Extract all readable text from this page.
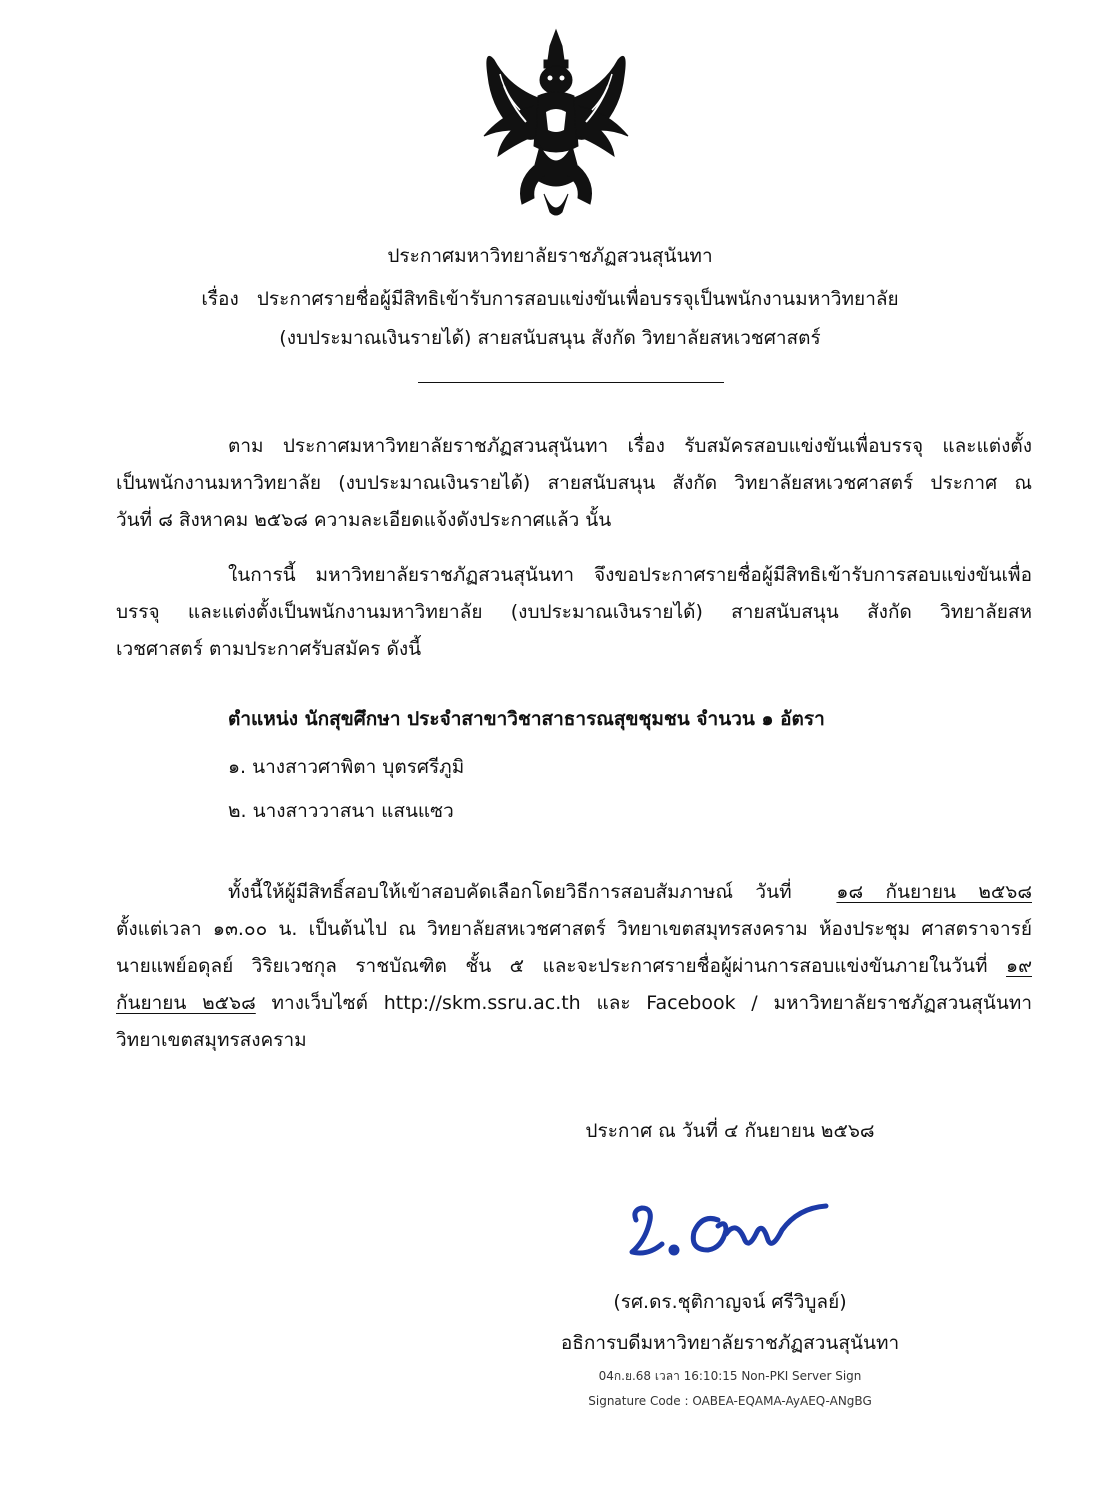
ประกาศมหาวิทยาลัยราชภัฏสวนสุนันทา
เรื่อง ประกาศรายชื่อผู้มีสิทธิเข้ารับการสอบแข่งขันเพื่อบรรจุเป็นพนักงานมหาวิทยาลัย
(งบประมาณเงินรายได้) สายสนับสนุน สังกัด วิทยาลัยสหเวชศาสตร์
ตาม ประกาศมหาวิทยาลัยราชภัฏสวนสุนันทา เรื่อง รับสมัครสอบแข่งขันเพื่อบรรจุ และแต่งตั้ง
เป็นพนักงานมหาวิทยาลัย (งบประมาณเงินรายได้) สายสนับสนุน สังกัด วิทยาลัยสหเวชศาสตร์ ประกาศ ณ
วันที่ ๘ สิงหาคม ๒๕๖๘ ความละเอียดแจ้งดังประกาศแล้ว นั้น
ในการนี้ มหาวิทยาลัยราชภัฏสวนสุนันทา จึงขอประกาศรายชื่อผู้มีสิทธิเข้ารับการสอบแข่งขันเพื่อ
บรรจุ และแต่งตั้งเป็นพนักงานมหาวิทยาลัย (งบประมาณเงินรายได้) สายสนับสนุน สังกัด วิทยาลัยสห
เวชศาสตร์ ตามประกาศรับสมัคร ดังนี้
ตำแหน่ง นักสุขศึกษา ประจำสาขาวิชาสาธารณสุขชุมชน จำนวน ๑ อัตรา
๑. นางสาวศาพิตา บุตรศรีภูมิ
๒. นางสาววาสนา แสนแซว
ทั้งนี้ให้ผู้มีสิทธิ์สอบให้เข้าสอบคัดเลือกโดยวิธีการสอบสัมภาษณ์ วันที่ ๑๘ กันยายน ๒๕๖๘
ตั้งแต่เวลา ๑๓.๐๐ น. เป็นต้นไป ณ วิทยาลัยสหเวชศาสตร์ วิทยาเขตสมุทรสงคราม ห้องประชุม ศาสตราจารย์
นายแพย์อดุลย์ วิริยเวชกุล ราชบัณฑิต ชั้น ๕ และจะประกาศรายชื่อผู้ผ่านการสอบแข่งขันภายในวันที่ ๑๙
กันยายน ๒๕๖๘ ทางเว็บไซต์ http://skm.ssru.ac.th และ Facebook / มหาวิทยาลัยราชภัฏสวนสุนันทา
วิทยาเขตสมุทรสงคราม
ประกาศ ณ วันที่ ๔ กันยายน ๒๕๖๘
(รศ.ดร.ชุติกาญจน์ ศรีวิบูลย์)
อธิการบดีมหาวิทยาลัยราชภัฏสวนสุนันทา
04ก.ย.68 เวลา 16:10:15 Non-PKI Server Sign
Signature Code : OABEA-EQAMA-AyAEQ-ANgBG
